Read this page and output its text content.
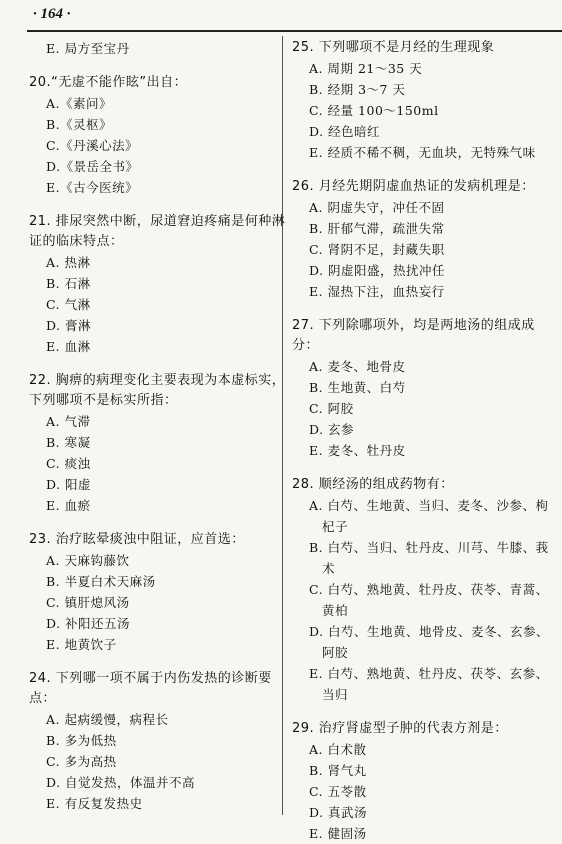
· 164 ·
E. 局方至宝丹

20.“无虚不能作眩”出自：

A.《素问》
B.《灵枢》
C.《丹溪心法》
D.《景岳全书》
E.《古今医统》

21. 排尿突然中断，尿道窘迫疼痛是何种淋证的临床特点：

A. 热淋
B. 石淋
C. 气淋
D. 膏淋
E. 血淋

22. 胸痹的病理变化主要表现为本虚标实，下列哪项不是标实所指：

A. 气滞
B. 寒凝
C. 痰浊
D. 阳虚
E. 血瘀

23. 治疗眩晕痰浊中阻证，应首选：

A. 天麻钩藤饮
B. 半夏白术天麻汤
C. 镇肝熄风汤
D. 补阳还五汤
E. 地黄饮子

24. 下列哪一项不属于内伤发热的诊断要点：

A. 起病缓慢，病程长
B. 多为低热
C. 多为高热
D. 自觉发热，体温并不高
E. 有反复发热史

25. 下列哪项不是月经的生理现象

A. 周期 21～35 天
B. 经期 3～7 天
C. 经量 100～150ml
D. 经色暗红
E. 经质不稀不稠，无血块，无特殊气味

26. 月经先期阴虚血热证的发病机理是：

A. 阴虚失守，冲任不固
B. 肝郁气滞，疏泄失常
C. 肾阴不足，封藏失职
D. 阴虚阳盛，热扰冲任
E. 湿热下注，血热妄行

27. 下列除哪项外，均是两地汤的组成成分：

A. 麦冬、地骨皮
B. 生地黄、白芍
C. 阿胶
D. 玄参
E. 麦冬、牡丹皮

28. 顺经汤的组成药物有：

A. 白芍、生地黄、当归、麦冬、沙参、枸杞子
B. 白芍、当归、牡丹皮、川芎、牛膝、莪术
C. 白芍、熟地黄、牡丹皮、茯苓、青蒿、黄柏
D. 白芍、生地黄、地骨皮、麦冬、玄参、阿胶
E. 白芍、熟地黄、牡丹皮、茯苓、玄参、当归

29. 治疗肾虚型子肿的代表方剂是：

A. 白术散
B. 肾气丸
C. 五苓散
D. 真武汤
E. 健固汤
